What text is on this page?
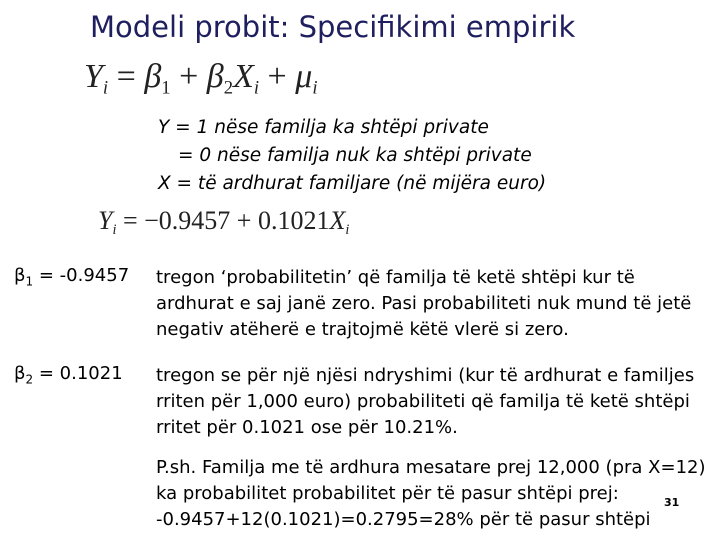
Modeli probit: Specifikimi empirik
$Y_i = \beta_1 + \beta_2X_i + \mu_i$
Y = 1 nëse familja ka shtëpi private
= 0 nëse familja nuk ka shtëpi private
X = të ardhurat familjare (në mijëra euro)
$Y_i = -0.9457 + 0.1021X_i$
$\beta_1 = -0.9457$ tregon ‘probabilitetin’ që familja të ketë shtëpi kur të ardhurat e saj janë zero. Pasi probabiliteti nuk mund të jetë negativ atëherë e trajtojmë këtë vlerë si zero.
$\beta_2 = 0.1021$ tregon se për një njësi ndryshimi (kur të ardhurat e familjes rriten për 1,000 euro) probabiliteti që familja të ketë shtëpi rritet për 0.1021 ose për 10.21%.
P.sh. Familja me të ardhura mesatare prej 12,000 (pra X=12)
ka probabilitet probabilitet për të pasur shtëpi prej:
-0.9457+12(0.1021)=0.2795=28% për të pasur shtëpi
31
